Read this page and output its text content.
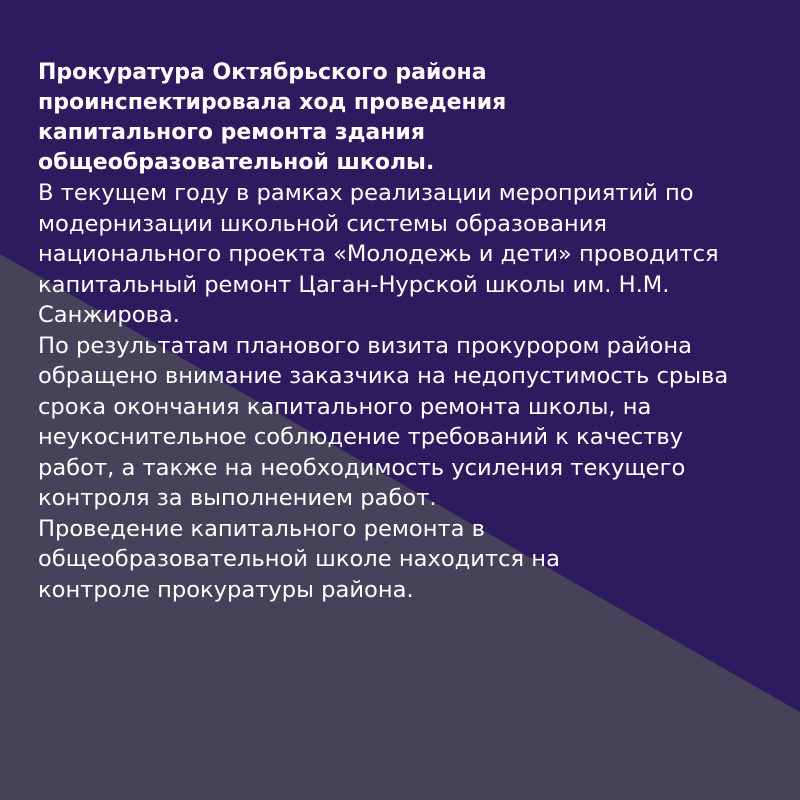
Прокуратура Октябрьского района проинспектировала ход проведения капитального ремонта здания общеобразовательной школы.

В текущем году в рамках реализации мероприятий по модернизации школьной системы образования национального проекта «Молодежь и дети» проводится капитальный ремонт Цаган-Нурской школы им. Н.М. Санжирова.

По результатам планового визита прокурором района обращено внимание заказчика на недопустимость срыва срока окончания капитального ремонта школы, на неукоснительное соблюдение требований к качеству работ, а также на необходимость усиления текущего контроля за выполнением работ.

Проведение капитального ремонта в общеобразовательной школе находится на контроле прокуратуры района.
